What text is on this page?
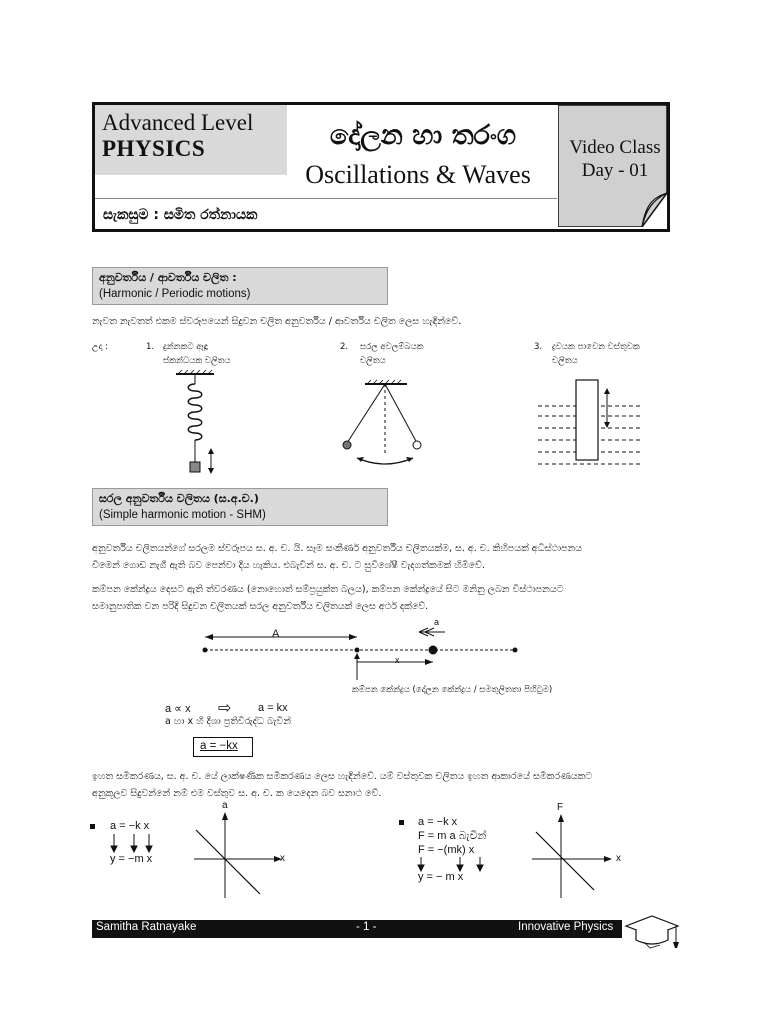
Advanced Level
PHYSICS	දෝලන හා තරංග
Oscillations & Waves
සැකසුම : සමිත රත්නායක
Video Class
Day - 01
අනුවර්තීය / ආවර්තීය චලිත :
(Harmonic / Periodic motions)
නැවත නැවතත් එකම ස්වරූපයෙන් සිදුවන චලිත අනුවර්තීය / ආවර්තීය චලිත ලෙස හැඳින්වේ.
උදා :	1. දුන්නකට ඈඳූ
ස්කන්ධයක චලිතය
2. සරල අවලම්බයක
චලිතය
3. ද්‍රවයක පාවෙන වස්තුවක
චලිතය
සරල අනුවර්තීය චලිතය (ස.අ.ච.)
(Simple harmonic motion - SHM)
අනුවර්තීය චලිතයන්ගේ සරලම ස්වරූපය ස. අ. ච. යි. සෑම සංකීර්ණ අනුවර්තීය චලිතයක්ම, ස. අ. ච. කිහිපයක් අධිස්ථාපනය
වීමෙන් ගොඩ නැගී ඇති බව පෙන්වා දිය හැකිය. එබැවින් ස. අ. ච. ට සුවිශේෂී වැදගත්කමක් හිමිවේ.
කම්පන කේන්ද්‍රය දෙසට ඇති ත්වරණය (නොහොත් සම්ප්‍රයුක්ත බලය), කම්පන කේන්ද්‍රයේ සිට මනිනු ලබන විස්ථාපනයට
සමානුපාතික වන පරිදි සිදුවන චලිතයක් සරල අනුවර්තීය චලිතයක් ලෙස අර්ථ දක්වේ.
A
a
x
කම්පන කේන්ද්‍රය (දෝලන කේන්ද්‍රය / සමතුලිතතා පිහිටුම)
a ∝ x ⇨ a = kx
a හා x හි දිශා ප්‍රතිවිරුද්ධ බැවින්
a = −kx
ඉහත සමීකරණය, ස. අ. ච. යේ ලාක්ෂණික සමීකරණය ලෙස හැඳින්වේ. යම් වස්තුවක චලිතය ඉහත ආකාරයේ සමීකරණයකට
අනුකූලව සිදුවන්නේ නම් එම වස්තුව ස. අ. ච. ක යෙදෙන බව සනාථ වේ.
a = −k x
y = −m x
a
x
a = −k x
F = m a බැවින්
F = −(mk) x
y = − m x
F
x
Samitha Ratnayake	- 1 -	Innovative Physics
